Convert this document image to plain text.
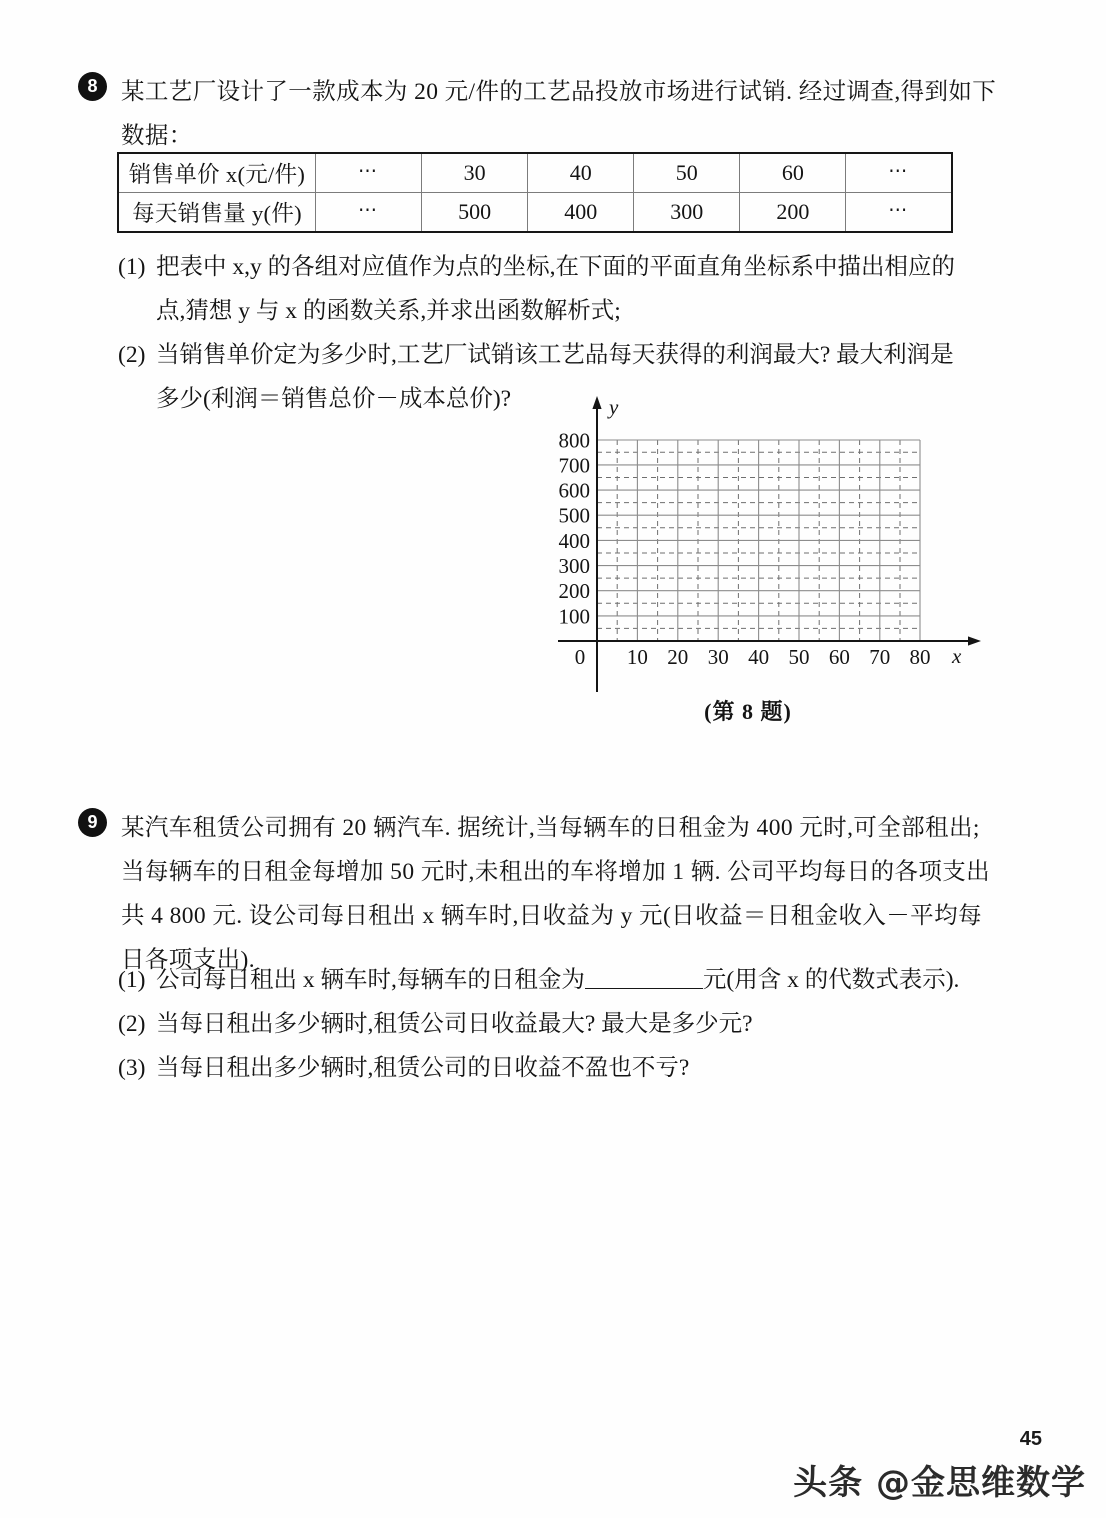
8	某工艺厂设计了一款成本为 20 元/件的工艺品投放市场进行试销. 经过调查,得到如下
数据：
销售单价 x(元/件)	⋯	30	40	50	60	⋯
每天销售量 y(件)	⋯	500	400	300	200	⋯
(1) 把表中 x,y 的各组对应值作为点的坐标,在下面的平面直角坐标系中描出相应的
点,猜想 y 与 x 的函数关系,并求出函数解析式;
(2) 当销售单价定为多少时,工艺厂试销该工艺品每天获得的利润最大? 最大利润是
多少(利润＝销售总价－成本总价)?	y
x
800
700
600
500
400
300
200
100
0 10 20 30 40 50 60 70 80
(第 8 题)
9	某汽车租赁公司拥有 20 辆汽车. 据统计,当每辆车的日租金为 400 元时,可全部租出;
当每辆车的日租金每增加 50 元时,未租出的车将增加 1 辆. 公司平均每日的各项支出
共 4 800 元. 设公司每日租出 x 辆车时,日收益为 y 元(日收益＝日租金收入－平均每
日各项支出).
(1) 公司每日租出 x 辆车时,每辆车的日租金为	元(用含 x 的代数式表示).
(2) 当每日租出多少辆时,租赁公司日收益最大? 最大是多少元?
(3) 当每日租出多少辆时,租赁公司的日收益不盈也不亏?
45
头条 @金思维数学
